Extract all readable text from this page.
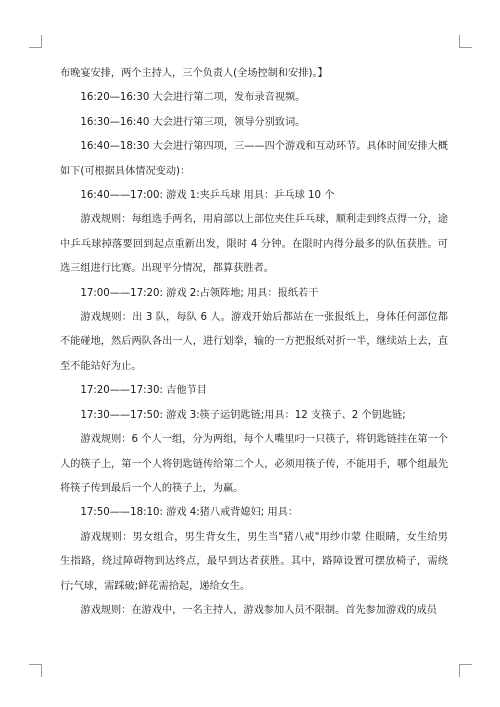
布晚宴安排，两个主持人，三个负责人(全场控制和安排)。】

16:20—16:30 大会进行第二项，发布录音视频。

16:30—16:40 大会进行第三项，领导分别致词。

16:40—18:30 大会进行第四项，三——四个游戏和互动环节。具体时间安排大概如下(可根据具体情况变动)：

16:40——17:00: 游戏 1:夹乒乓球 用具：乒乓球 10 个

游戏规则：每组选手两名，用肩部以上部位夹住乒乓球，顺利走到终点得一分，途中乒乓球掉落要回到起点重新出发，限时 4 分钟。在限时内得分最多的队伍获胜。可选三组进行比赛。出现平分情况，都算获胜者。

17:00——17:20: 游戏 2:占领阵地; 用具：报纸若干

游戏规则：出 3 队，每队 6 人。游戏开始后都站在一张报纸上，身体任何部位都不能碰地，然后两队各出一人，进行划拳，输的一方把报纸对折一半，继续站上去，直至不能站好为止。

17:20——17:30: 吉他节目

17:30——17:50: 游戏 3:筷子运钥匙链;用具：12 支筷子、2 个钥匙链;

游戏规则：6 个人一组，分为两组，每个人嘴里叼一只筷子，将钥匙链挂在第一个人的筷子上，第一个人将钥匙链传给第二个人，必须用筷子传，不能用手，哪个组最先将筷子传到最后一个人的筷子上，为赢。

17:50——18:10: 游戏 4:猪八戒背媳妇; 用具：

游戏规则：男女组合，男生背女生，男生当"猪八戒"用纱巾蒙 住眼睛，女生给男生指路，绕过障碍物到达终点，最早到达者获胜。其中，路障设置可摆放椅子，需绕行;气球，需踩破;鲜花需拾起，递给女生。

游戏规则：在游戏中，一名主持人，游戏参加人员不限制。首先参加游戏的成员
